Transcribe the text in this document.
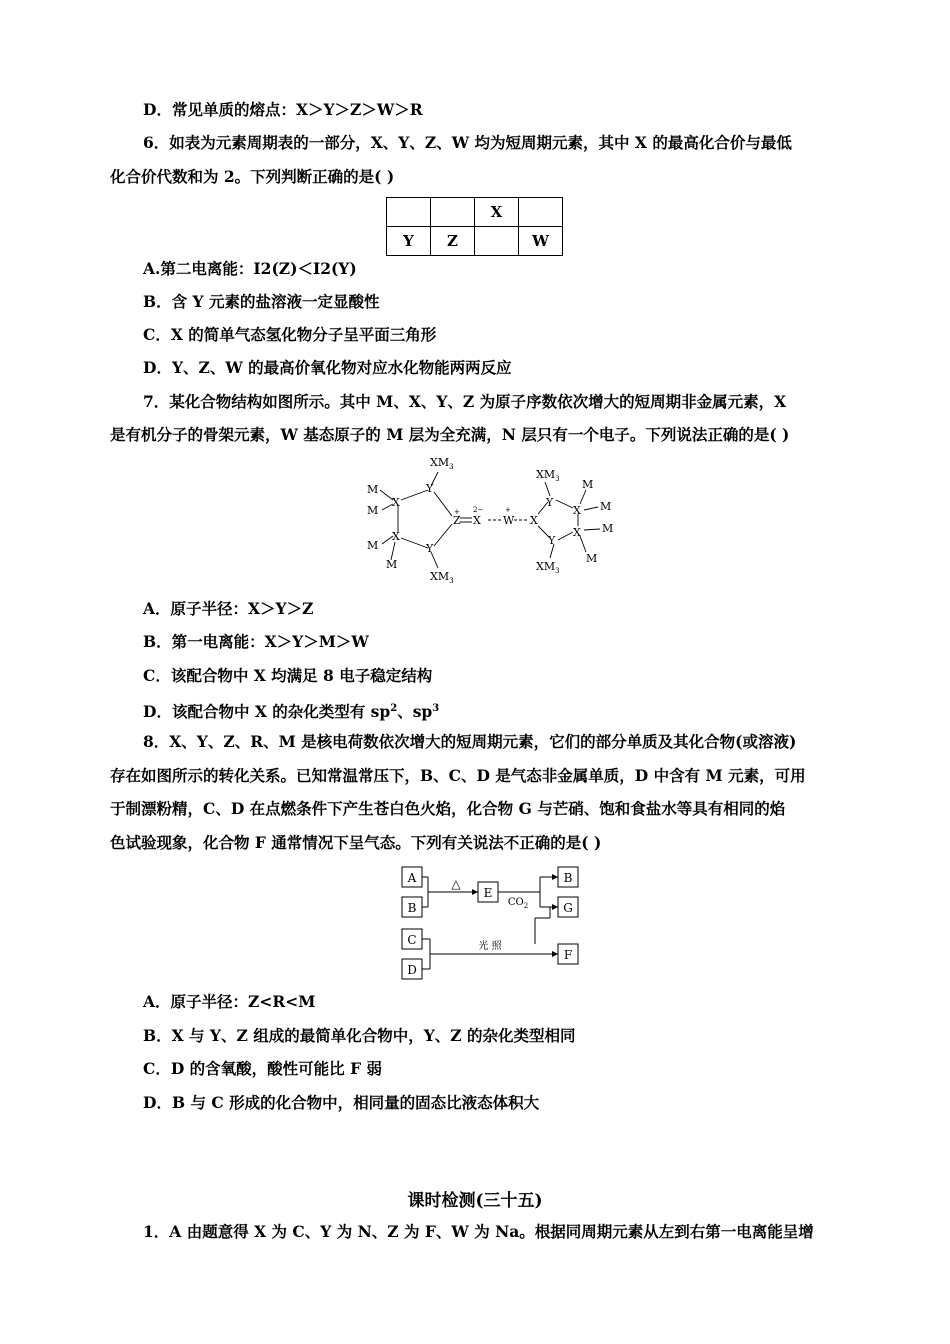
D．常见单质的熔点：X＞Y＞Z＞W＞R
6．如表为元素周期表的一部分，X、Y、Z、W 均为短周期元素，其中 X 的最高化合价与最低
化合价代数和为 2。下列判断正确的是( )
		X	
Y	Z		W
A.第二电离能：I2(Z)＜I2(Y)
B．含 Y 元素的盐溶液一定显酸性
C．X 的简单气态氢化物分子呈平面三角形
D．Y、Z、W 的最高价氧化物对应水化物能两两反应
7．某化合物结构如图所示。其中 M、X、Y、Z 为原子序数依次增大的短周期非金属元素，X
是有机分子的骨架元素，W 基态原子的 M 层为全充满，N 层只有一个电子。下列说法正确的是( )
$XM_3$
M
M
X
Y
Z
+
X
2−
W
+
X
M
M
Y
$XM_3$
X
Y
$XM_3$ M
X M
X M
Y
M
$XM_3$
A．原子半径：X＞Y＞Z
B．第一电离能：X＞Y＞M＞W
C．该配合物中 X 均满足 8 电子稳定结构
D．该配合物中 X 的杂化类型有 $sp^2$、$sp^3$
8．X、Y、Z、R、M 是核电荷数依次增大的短周期元素，它们的部分单质及其化合物(或溶液)
存在如图所示的转化关系。已知常温常压下，B、C、D 是气态非金属单质，D 中含有 M 元素，可用
于制漂粉精，C、D 在点燃条件下产生苍白色火焰，化合物 G 与芒硝、饱和食盐水等具有相同的焰
色试验现象，化合物 F 通常情况下呈气态。下列有关说法不正确的是( )
A
B
C
D
E
B
G
F
△
$CO_2$
光 照
A．原子半径：Z<R<M
B．X 与 Y、Z 组成的最简单化合物中，Y、Z 的杂化类型相同
C．D 的含氧酸，酸性可能比 F 弱
D．B 与 C 形成的化合物中，相同量的固态比液态体积大
课时检测(三十五)
1．A 由题意得 X 为 C、Y 为 N、Z 为 F、W 为 Na。根据同周期元素从左到右第一电离能呈增
